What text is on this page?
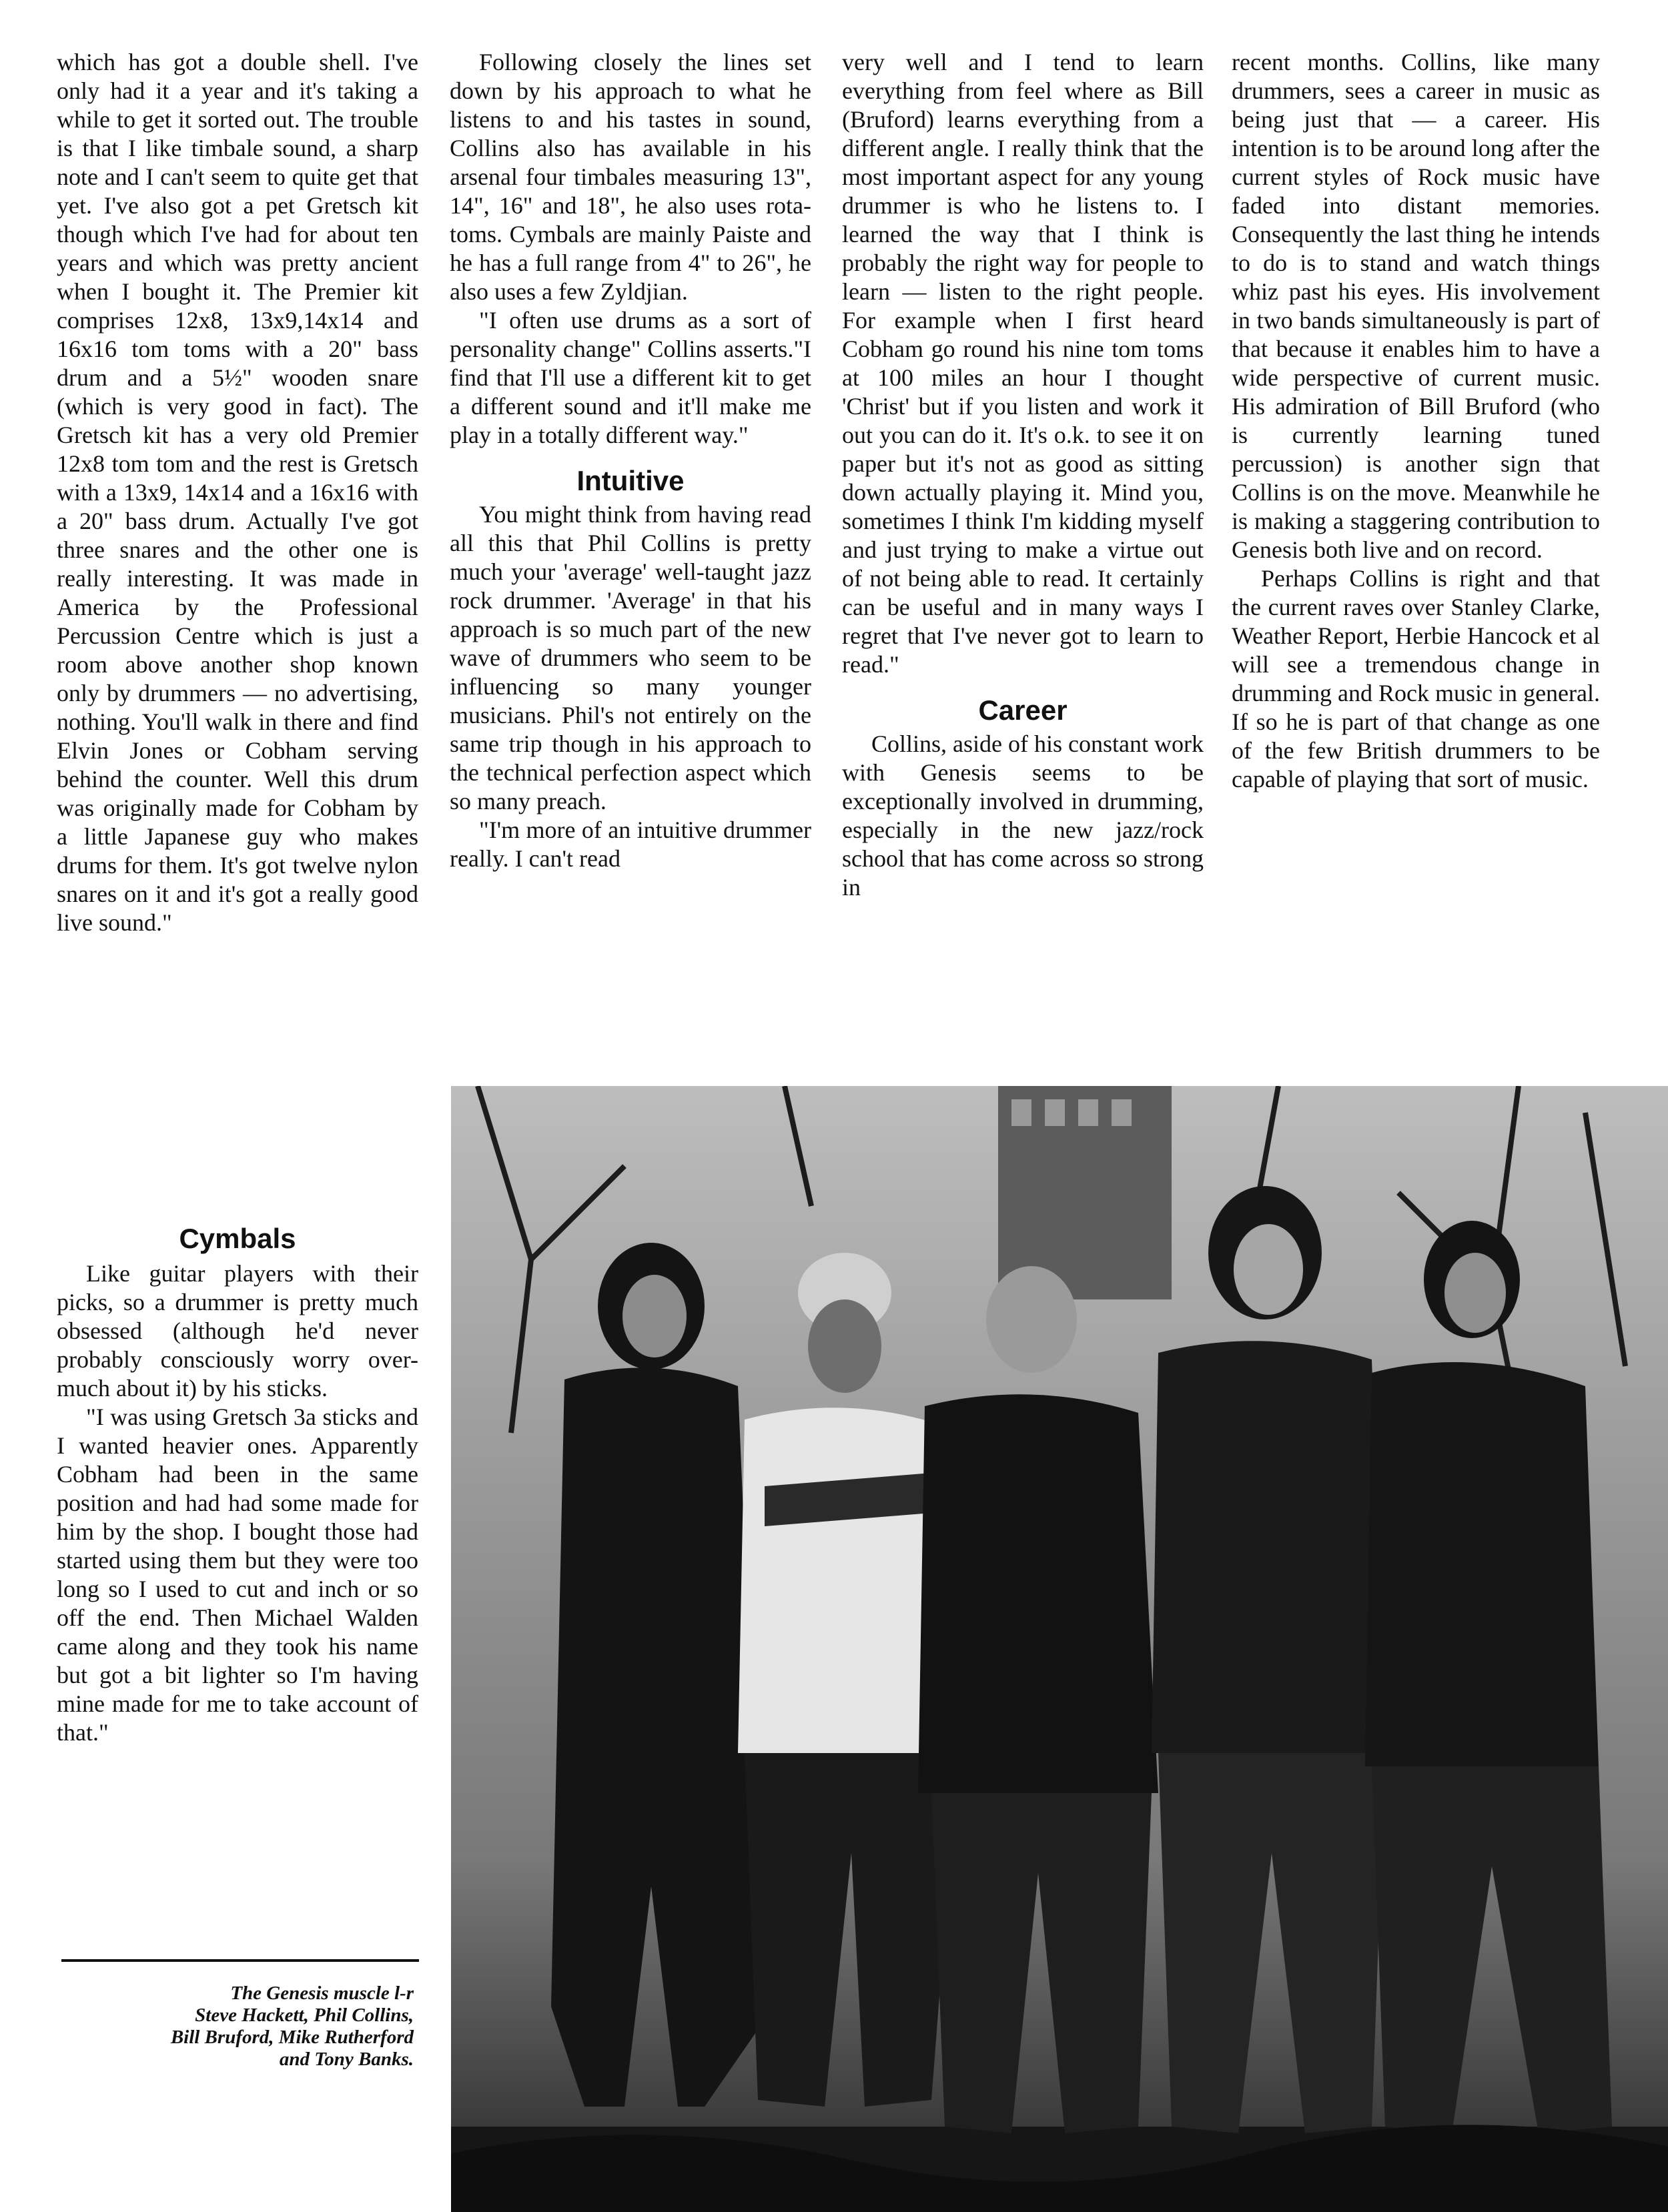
which has got a double shell. I've only had it a year and it's taking a while to get it sorted out. The trouble is that I like timbale sound, a sharp note and I can't seem to quite get that yet. I've also got a pet Gretsch kit though which I've had for about ten years and which was pretty ancient when I bought it. The Premier kit comprises 12x8, 13x9,14x14 and 16x16 tom toms with a 20" bass drum and a 5½" wooden snare (which is very good in fact). The Gretsch kit has a very old Premier 12x8 tom tom and the rest is Gretsch with a 13x9, 14x14 and a 16x16 with a 20" bass drum. Actually I've got three snares and the other one is really interesting. It was made in America by the Professional Percussion Centre which is just a room above another shop known only by drummers — no advertising, nothing. You'll walk in there and find Elvin Jones or Cobham serving behind the counter. Well this drum was originally made for Cobham by a little Japanese guy who makes drums for them. It's got twelve nylon snares on it and it's got a really good live sound."

Cymbals

Like guitar players with their picks, so a drummer is pretty much obsessed (although he'd never probably consciously worry over-much about it) by his sticks.

"I was using Gretsch 3a sticks and I wanted heavier ones. Apparently Cobham had been in the same position and had had some made for him by the shop. I bought those had started using them but they were too long so I used to cut and inch or so off the end. Then Michael Walden came along and they took his name but got a bit lighter so I'm having mine made for me to take account of that."

The Genesis muscle l-r
Steve Hackett, Phil Collins,
Bill Bruford, Mike Rutherford
and Tony Banks.

Following closely the lines set down by his approach to what he listens to and his tastes in sound, Collins also has available in his arsenal four timbales measuring 13", 14", 16" and 18", he also uses rota-toms. Cymbals are mainly Paiste and he has a full range from 4" to 26", he also uses a few Zyldjian.

"I often use drums as a sort of personality change" Collins asserts."I find that I'll use a different kit to get a different sound and it'll make me play in a totally different way."

Intuitive

You might think from having read all this that Phil Collins is pretty much your 'average' well-taught jazz rock drummer. 'Average' in that his approach is so much part of the new wave of drummers who seem to be influencing so many younger musicians. Phil's not entirely on the same trip though in his approach to the technical perfection aspect which so many preach.

"I'm more of an intuitive drummer really. I can't read

very well and I tend to learn everything from feel where as Bill (Bruford) learns everything from a different angle. I really think that the most important aspect for any young drummer is who he listens to. I learned the way that I think is probably the right way for people to learn — listen to the right people. For example when I first heard Cobham go round his nine tom toms at 100 miles an hour I thought 'Christ' but if you listen and work it out you can do it. It's o.k. to see it on paper but it's not as good as sitting down actually playing it. Mind you, sometimes I think I'm kidding myself and just trying to make a virtue out of not being able to read. It certainly can be useful and in many ways I regret that I've never got to learn to read."

Career

Collins, aside of his constant work with Genesis seems to be exceptionally involved in drumming, especially in the new jazz/rock school that has come across so strong in

recent months. Collins, like many drummers, sees a career in music as being just that — a career. His intention is to be around long after the current styles of Rock music have faded into distant memories. Consequently the last thing he intends to do is to stand and watch things whiz past his eyes. His involvement in two bands simultaneously is part of that because it enables him to have a wide perspective of current music. His admiration of Bill Bruford (who is currently learning tuned percussion) is another sign that Collins is on the move. Meanwhile he is making a staggering contribution to Genesis both live and on record.

Perhaps Collins is right and that the current raves over Stanley Clarke, Weather Report, Herbie Hancock et al will see a tremendous change in drumming and Rock music in general. If so he is part of that change as one of the few British drummers to be capable of playing that sort of music.
